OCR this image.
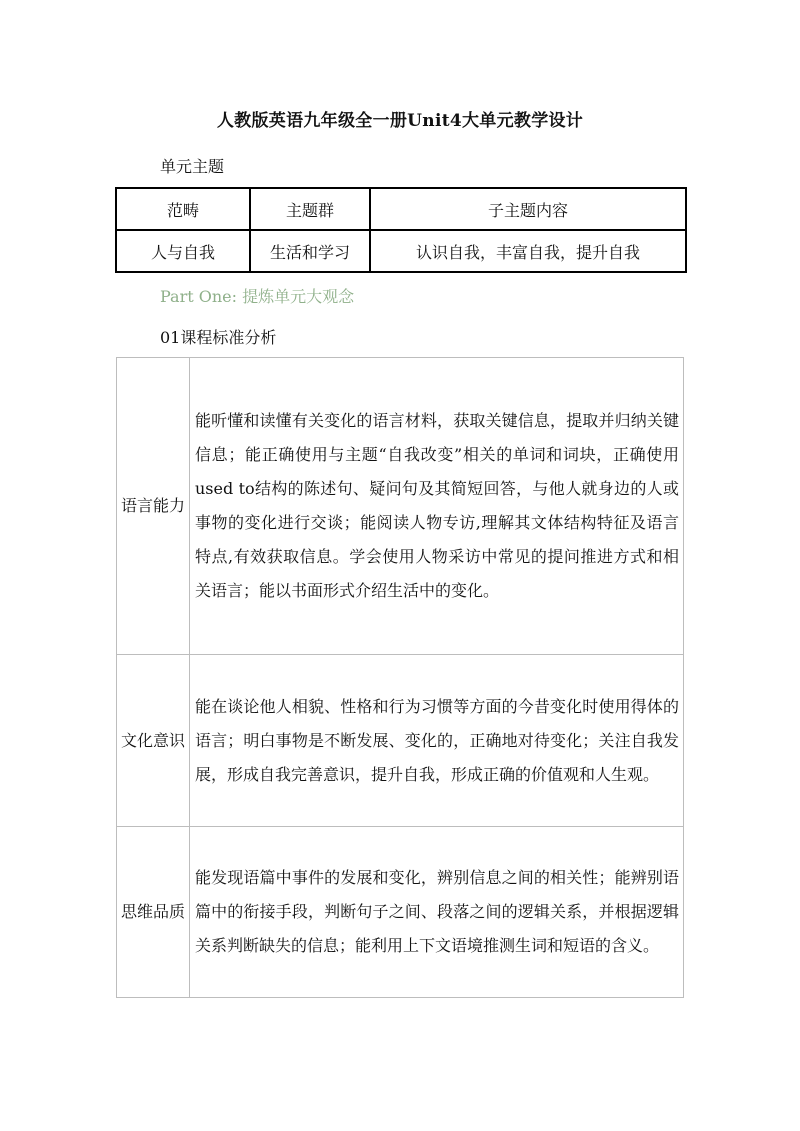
人教版英语九年级全一册Unit4大单元教学设计
单元主题
范畴	主题群	子主题内容
人与自我	生活和学习	认识自我，丰富自我，提升自我
Part One: 提炼单元大观念
01课程标准分析
语言能力	能听懂和读懂有关变化的语言材料，获取关键信息，提取并归纳关键信息；能正确使用与主题“自我改变”相关的单词和词块，正确使用used to结构的陈述句、疑问句及其简短回答，与他人就身边的人或事物的变化进行交谈；能阅读人物专访,理解其文体结构特征及语言特点,有效获取信息。学会使用人物采访中常见的提问推进方式和相关语言；能以书面形式介绍生活中的变化。
文化意识	能在谈论他人相貌、性格和行为习惯等方面的今昔变化时使用得体的语言；明白事物是不断发展、变化的，正确地对待变化；关注自我发展，形成自我完善意识，提升自我，形成正确的价值观和人生观。
思维品质	能发现语篇中事件的发展和变化，辨别信息之间的相关性；能辨别语篇中的衔接手段，判断句子之间、段落之间的逻辑关系，并根据逻辑关系判断缺失的信息；能利用上下文语境推测生词和短语的含义。
